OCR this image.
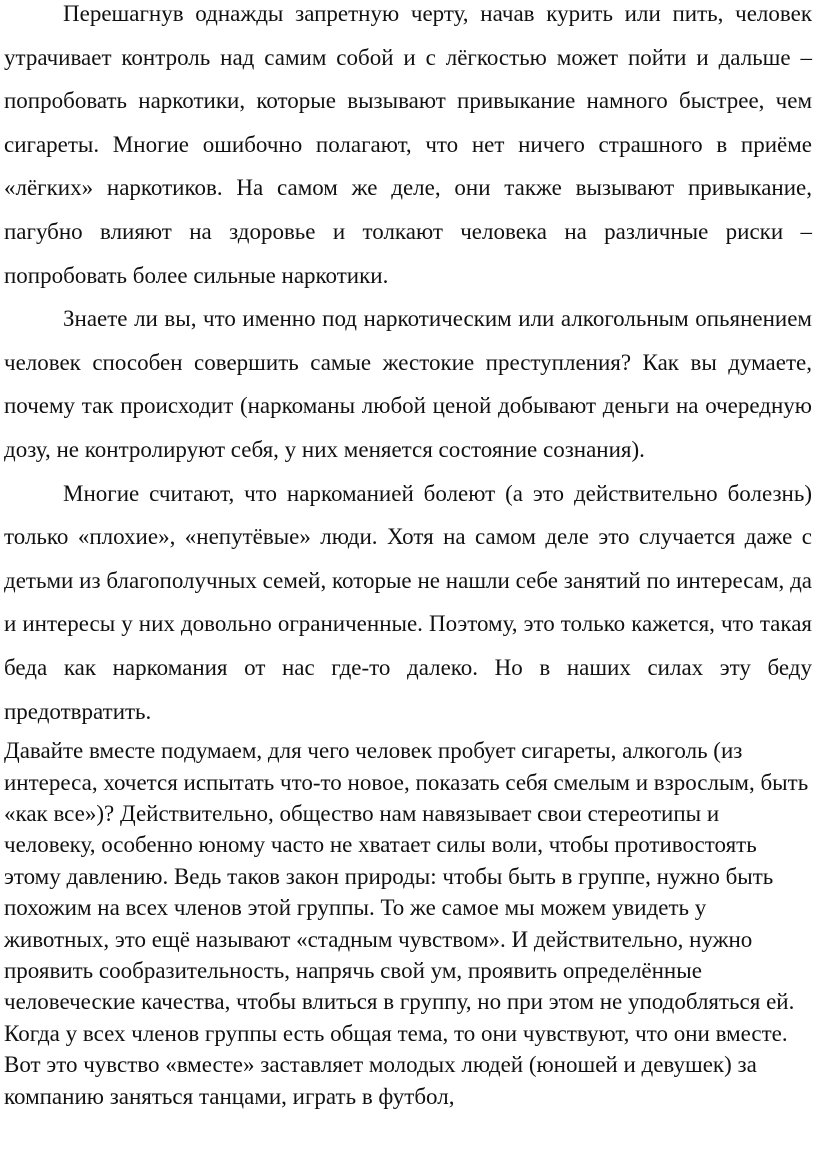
Перешагнув однажды запретную черту, начав курить или пить, человек утрачивает контроль над самим собой и с лёгкостью может пойти и дальше – попробовать наркотики, которые вызывают привыкание намного быстрее, чем сигареты. Многие ошибочно полагают, что нет ничего страшного в приёме «лёгких» наркотиков. На самом же деле, они также вызывают привыкание, пагубно влияют на здоровье и толкают человека на различные риски – попробовать более сильные наркотики.

Знаете ли вы, что именно под наркотическим или алкогольным опьянением человек способен совершить самые жестокие преступления? Как вы думаете, почему так происходит (наркоманы любой ценой добывают деньги на очередную дозу, не контролируют себя, у них меняется состояние сознания).

Многие считают, что наркоманией болеют (а это действительно болезнь) только «плохие», «непутёвые» люди. Хотя на самом деле это случается даже с детьми из благополучных семей, которые не нашли себе занятий по интересам, да и интересы у них довольно ограниченные. Поэтому, это только кажется, что такая беда как наркомания от нас где-то далеко. Но в наших силах эту беду предотвратить.

Давайте вместе подумаем, для чего человек пробует сигареты, алкоголь (из интереса, хочется испытать что-то новое, показать себя смелым и взрослым, быть «как все»)? Действительно, общество нам навязывает свои стереотипы и человеку, особенно юному часто не хватает силы воли, чтобы противостоять этому давлению. Ведь таков закон природы: чтобы быть в группе, нужно быть похожим на всех членов этой группы. То же самое мы можем увидеть у животных, это ещё называют «стадным чувством». И действительно, нужно проявить сообразительность, напрячь свой ум, проявить определённые человеческие качества, чтобы влиться в группу, но при этом не уподобляться ей. Когда у всех членов группы есть общая тема, то они чувствуют, что они вместе. Вот это чувство «вместе» заставляет молодых людей (юношей и девушек) за компанию заняться танцами, играть в футбол,
